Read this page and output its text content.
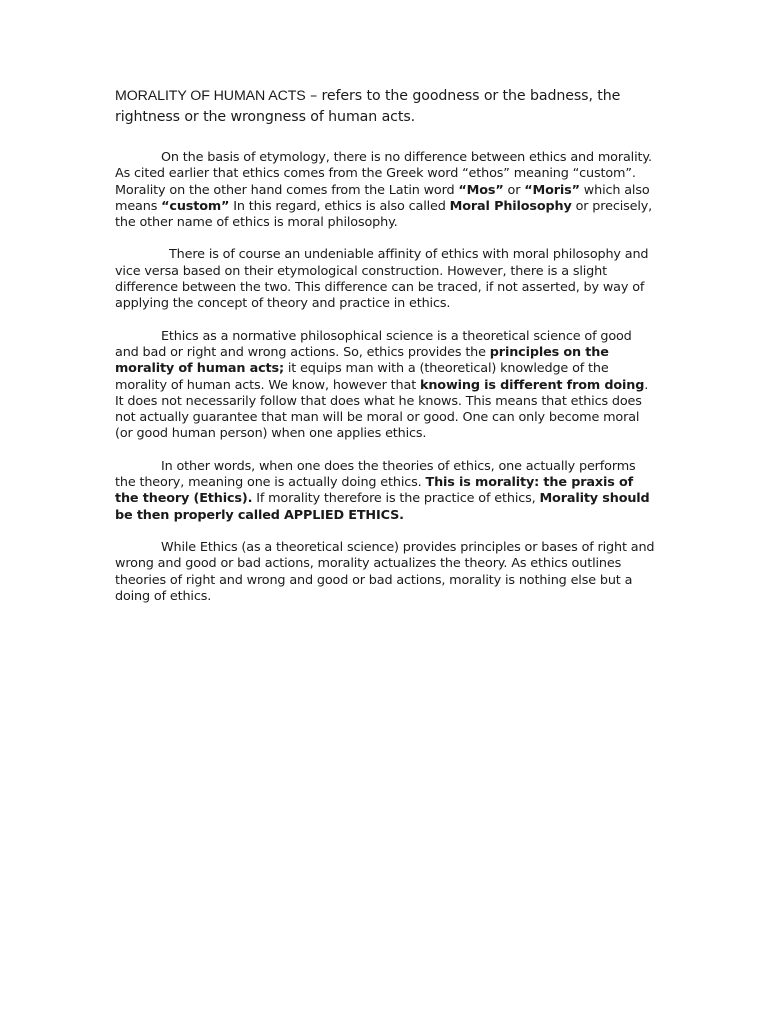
MORALITY OF HUMAN ACTS – refers to the goodness or the badness, the rightness or the wrongness of human acts.

On the basis of etymology, there is no difference between ethics and morality. As cited earlier that ethics comes from the Greek word “ethos” meaning “custom”. Morality on the other hand comes from the Latin word “Mos” or “Moris” which also means “custom” In this regard, ethics is also called Moral Philosophy or precisely, the other name of ethics is moral philosophy.

There is of course an undeniable affinity of ethics with moral philosophy and vice versa based on their etymological construction. However, there is a slight difference between the two. This difference can be traced, if not asserted, by way of applying the concept of theory and practice in ethics.

Ethics as a normative philosophical science is a theoretical science of good and bad or right and wrong actions. So, ethics provides the principles on the morality of human acts; it equips man with a (theoretical) knowledge of the morality of human acts. We know, however that knowing is different from doing. It does not necessarily follow that does what he knows. This means that ethics does not actually guarantee that man will be moral or good. One can only become moral (or good human person) when one applies ethics.

In other words, when one does the theories of ethics, one actually performs the theory, meaning one is actually doing ethics. This is morality: the praxis of the theory (Ethics). If morality therefore is the practice of ethics, Morality should be then properly called APPLIED ETHICS.

While Ethics (as a theoretical science) provides principles or bases of right and wrong and good or bad actions, morality actualizes the theory. As ethics outlines theories of right and wrong and good or bad actions, morality is nothing else but a doing of ethics.
